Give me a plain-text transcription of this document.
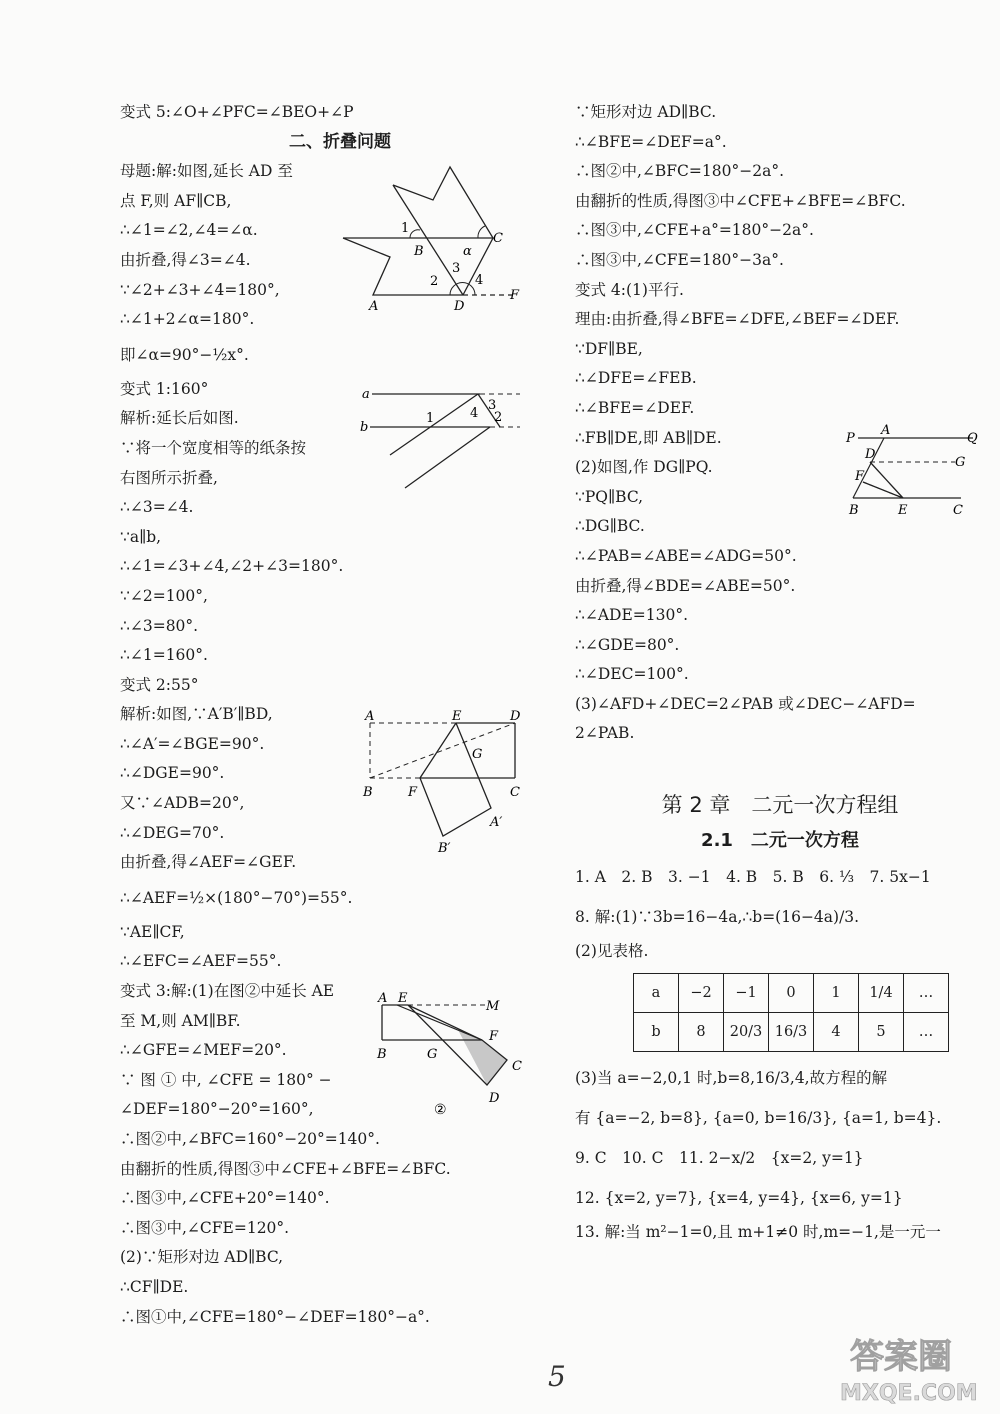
变式 5:∠O+∠PFC=∠BEO+∠P
二、折叠问题
母题:解:如图,延长 AD 至
点 F,则 AF∥CB,
∴∠1=∠2,∠4=∠α.
由折叠,得∠3=∠4.
∵∠2+∠3+∠4=180°,
∴∠1+2∠α=180°.
即∠α=90°−½x°.
变式 1:160°
解析:延长后如图.
∵将一个宽度相等的纸条按
右图所示折叠,
∴∠3=∠4.
∵a∥b,
∴∠1=∠3+∠4,∠2+∠3=180°.
∵∠2=100°,
∴∠3=80°.
∴∠1=160°.
变式 2:55°
解析:如图,∵A′B′∥BD,
∴∠A′=∠BGE=90°.
∴∠DGE=90°.
又∵∠ADB=20°,
∴∠DEG=70°.
由折叠,得∠AEF=∠GEF.
∴∠AEF=½×(180°−70°)=55°.
∵AE∥CF,
∴∠EFC=∠AEF=55°.
变式 3:解:(1)在图②中延长 AE
至 M,则 AM∥BF.
∴∠GFE=∠MEF=20°.
∵ 图 ① 中, ∠CFE = 180° −
∠DEF=180°−20°=160°,
∴图②中,∠BFC=160°−20°=140°.
由翻折的性质,得图③中∠CFE+∠BFE=∠BFC.
∴图③中,∠CFE+20°=140°.
∴图③中,∠CFE=120°.
(2)∵矩形对边 AD∥BC,
∴CF∥DE.
∴图①中,∠CFE=180°−∠DEF=180°−a°.
∵矩形对边 AD∥BC.
∴∠BFE=∠DEF=a°.
∴图②中,∠BFC=180°−2a°.
由翻折的性质,得图③中∠CFE+∠BFE=∠BFC.
∴图③中,∠CFE+a°=180°−2a°.
∴图③中,∠CFE=180°−3a°.
变式 4:(1)平行.
理由:由折叠,得∠BFE=∠DFE,∠BEF=∠DEF.
∵DF∥BE,
∴∠DFE=∠FEB.
∴∠BFE=∠DEF.
∴FB∥DE,即 AB∥DE.
(2)如图,作 DG∥PQ.
∵PQ∥BC,
∴DG∥BC.
∴∠PAB=∠ABE=∠ADG=50°.
由折叠,得∠BDE=∠ABE=50°.
∴∠ADE=130°.
∴∠GDE=80°.
∴∠DEC=100°.
(3)∠AFD+∠DEC=2∠PAB 或∠DEC−∠AFD=
2∠PAB.
第 2 章　二元一次方程组
2.1　二元一次方程
1. A　2. B　3. −1　4. B　5. B　6. ⅓　7. 5x−1
8. 解:(1)∵3b=16−4a,∴b=(16−4a)/3.
(2)见表格.
a	−2	−1	0	1	1/4	…
b	8	20/3	16/3	4	5	…
(3)当 a=−2,0,1 时,b=8,16/3,4,故方程的解
有 {a=−2, b=8}, {a=0, b=16/3}, {a=1, b=4}.
9. C　10. C　11. 2−x/2　{x=2, y=1}
12. {x=2, y=7}, {x=4, y=4}, {x=6, y=1}
13. 解:当 m²−1=0,且 m+1≠0 时,m=−1,是一元一
1
B	α
C
2
3
4
A	D
F
a
b
1	4
3
2
A	E	D
G
B	F	C
A′
B′
A E
M
F
B	G
C
D
②
P
A
Q
D
G
F
B	E	C
5	答案圈
MXQE.COM
